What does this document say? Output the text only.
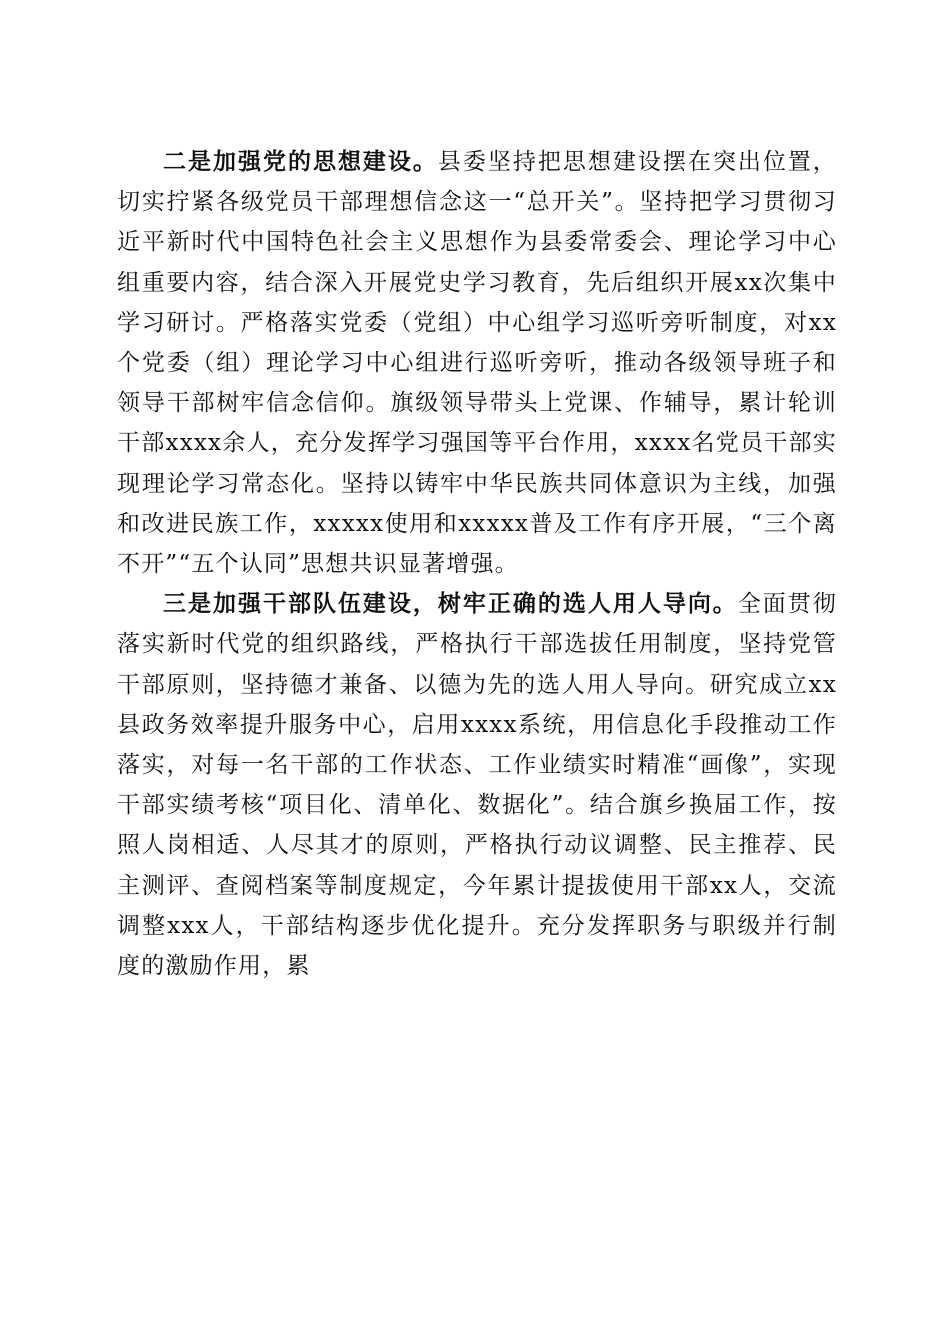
二是加强党的思想建设。县委坚持把思想建设摆在突出位置，切实拧紧各级党员干部理想信念这一“总开关”。坚持把学习贯彻习近平新时代中国特色社会主义思想作为县委常委会、理论学习中心组重要内容，结合深入开展党史学习教育，先后组织开展xx次集中学习研讨。严格落实党委（党组）中心组学习巡听旁听制度，对xx个党委（组）理论学习中心组进行巡听旁听，推动各级领导班子和领导干部树牢信念信仰。旗级领导带头上党课、作辅导，累计轮训干部xxxx余人，充分发挥学习强国等平台作用，xxxx名党员干部实现理论学习常态化。坚持以铸牢中华民族共同体意识为主线，加强和改进民族工作，xxxxx使用和xxxxx普及工作有序开展，“三个离不开”“五个认同”思想共识显著增强。

三是加强干部队伍建设，树牢正确的选人用人导向。全面贯彻落实新时代党的组织路线，严格执行干部选拔任用制度，坚持党管干部原则，坚持德才兼备、以德为先的选人用人导向。研究成立xx县政务效率提升服务中心，启用xxxx系统，用信息化手段推动工作落实，对每一名干部的工作状态、工作业绩实时精准“画像”，实现干部实绩考核“项目化、清单化、数据化”。结合旗乡换届工作，按照人岗相适、人尽其才的原则，严格执行动议调整、民主推荐、民主测评、查阅档案等制度规定，今年累计提拔使用干部xx人，交流调整xxx人，干部结构逐步优化提升。充分发挥职务与职级并行制度的激励作用，累
